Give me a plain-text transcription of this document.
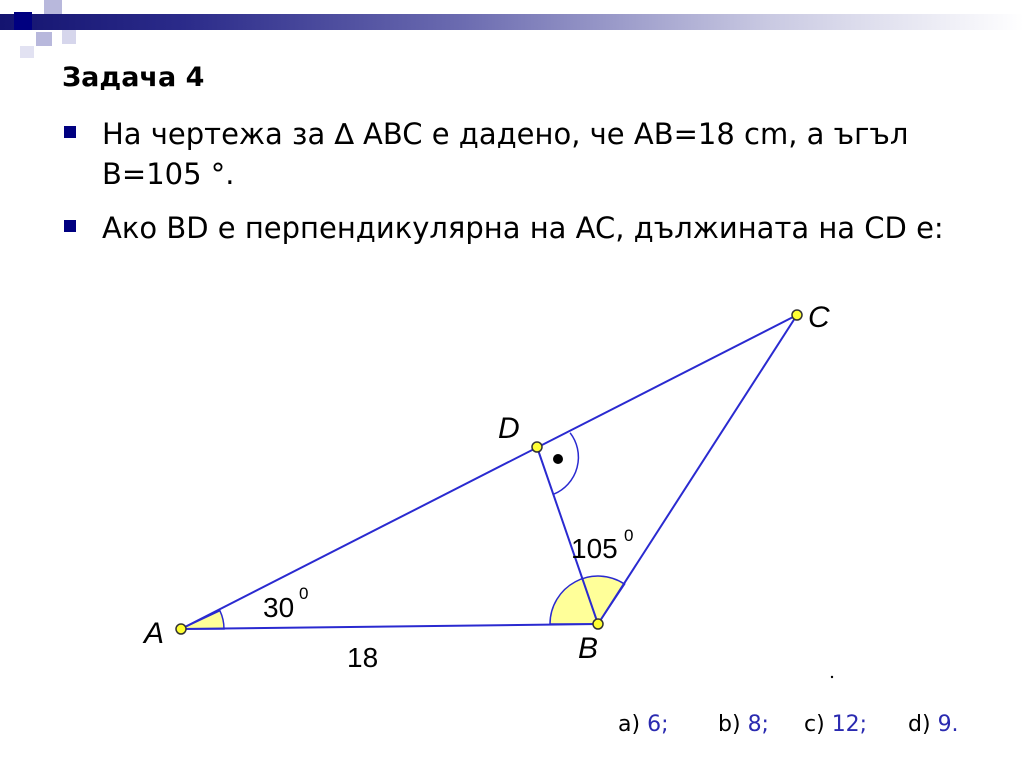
Задача 4
На чертежа за ∆ ABC е дадено, че AB=18 cm, а ъгъл B=105 °.
Ако BD е перпендикулярна на AC, дължината на CD е:
A	B
C
D
30 0
105 0
18
a) 6; b) 8; c) 12; d) 9.
